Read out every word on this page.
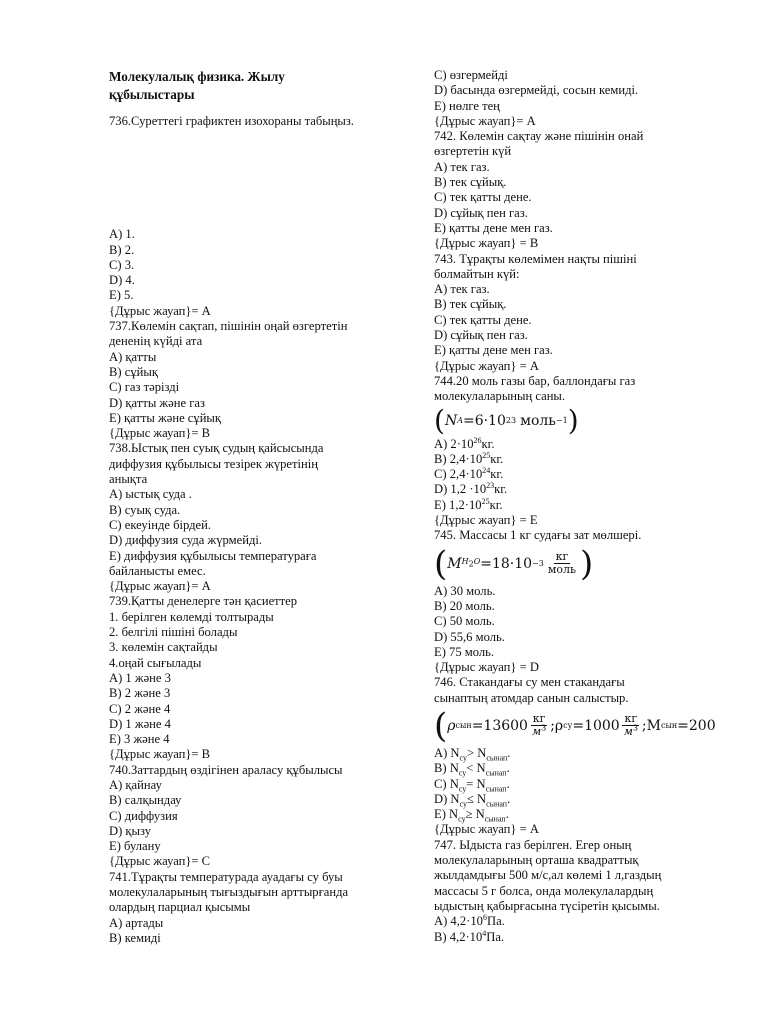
Молекулалық физика. Жылу
құбылыстары
736.Суреттегі графиктен изохораны табыңыз.
A) 1.
B) 2.
C) 3.
D) 4.
E) 5.
{Дұрыс жауап}= A
737.Көлемін сақтап, пішінін оңай өзгертетін
дененің күйді ата
A) қатты
B) сұйық
C) газ тәрізді
D) қатты және газ
E) қатты және сұйық
{Дұрыс жауап}= B
738.Ыстық пен суық судың қайсысында
диффузия құбылысы тезірек жүретінің
анықта
A) ыстық суда .
B) суық суда.
C) екеуінде бірдей.
D) диффузия суда жүрмейді.
E) диффузия құбылысы температураға
байланысты емес.
{Дұрыс жауап}= A
739.Қатты денелерге тән қасиеттер
1. берілген көлемді толтырады
2. белгілі пішіні болады
3. көлемін сақтайды
4.оңай сығылады
A) 1 және 3
B) 2 және 3
C) 2 және 4
D) 1 және 4
E) 3 және 4
{Дұрыс жауап}= B
740.Заттардың өздігінен араласу құбылысы
A) қайнау
B) салқындау
C) диффузия
D) қызу
E) булану
{Дұрыс жауап}= C
741.Тұрақты температурада ауадағы су буы
молекулаларының тығыздығын арттырғанда
олардың парциал қысымы
A) артады
B) кемиді
C) өзгермейді
D) басында өзгермейді, сосын кемиді.
E) нөлге тең
{Дұрыс жауап}= A
742. Көлемін сақтау және пішінін онай
өзгертетін күй
A) тек газ.
B) тек сұйық.
C) тек қатты дене.
D) сұйық пен газ.
E) қатты дене мен газ.
{Дұрыс жауап} = B
743. Тұрақты көлемімен нақты пішіні
болмайтын күй:
A) тек газ.
B) тек сұйық.
C) тек қатты дене.
D) сұйық пен газ.
E) қатты дене мен газ.
{Дұрыс жауап} = A
744.20 моль газы бар, баллондағы газ
молекулаларының саны.
( N A =6·10 23 моль −1 )
A) $2\cdot 10^{26}кг$.
B) $2,4\cdot 10^{25}кг$.
C) $2,4\cdot 10^{24}кг$.
D) $1,2 \cdot 10^{23}кг$.
E) $1,2\cdot 10^{25}кг$.
{Дұрыс жауап} = E
745. Массасы 1 кг судағы зат мөлшері.
( M $H_2O =18\cdot 10 -3 \frac{кг}{\text{моль}}$ )
A) 30 моль.
B) 20 моль.
C) 50 моль.
D) 55,6 моль.
E) 75 моль.
{Дұрыс жауап} = D
746. Стакандағы су мен стакандағы
сынаптың атомдар санын салыстыр.
( ρ сын $=13600 \frac{кг}{м^3}$ ; ρ су = $1000 \frac{кг}{м^3}$ ; M сын =200
A) $N_{су}> N_{сынап}$.
B) $N_{су}< N_{сынап}$.
C) $N_{су}= N_{сынап}$.
D) $N_{су}\le N_{сынап}$.
E) $N_{су}\ge N_{сынап}$.
{Дұрыс жауап} = A
747. Ыдыста газ берілген. Егер оның
молекулаларының орташа квадраттық
жылдамдығы 500 м/с,ал көлемі 1 л,газдың
массасы 5 г болса, онда молекулалардың
ыдыстың қабырғасына түсіретін қысымы.
A) $4,2\cdot 10^6Па$.
B) $4,2\cdot 10^4Па$.
